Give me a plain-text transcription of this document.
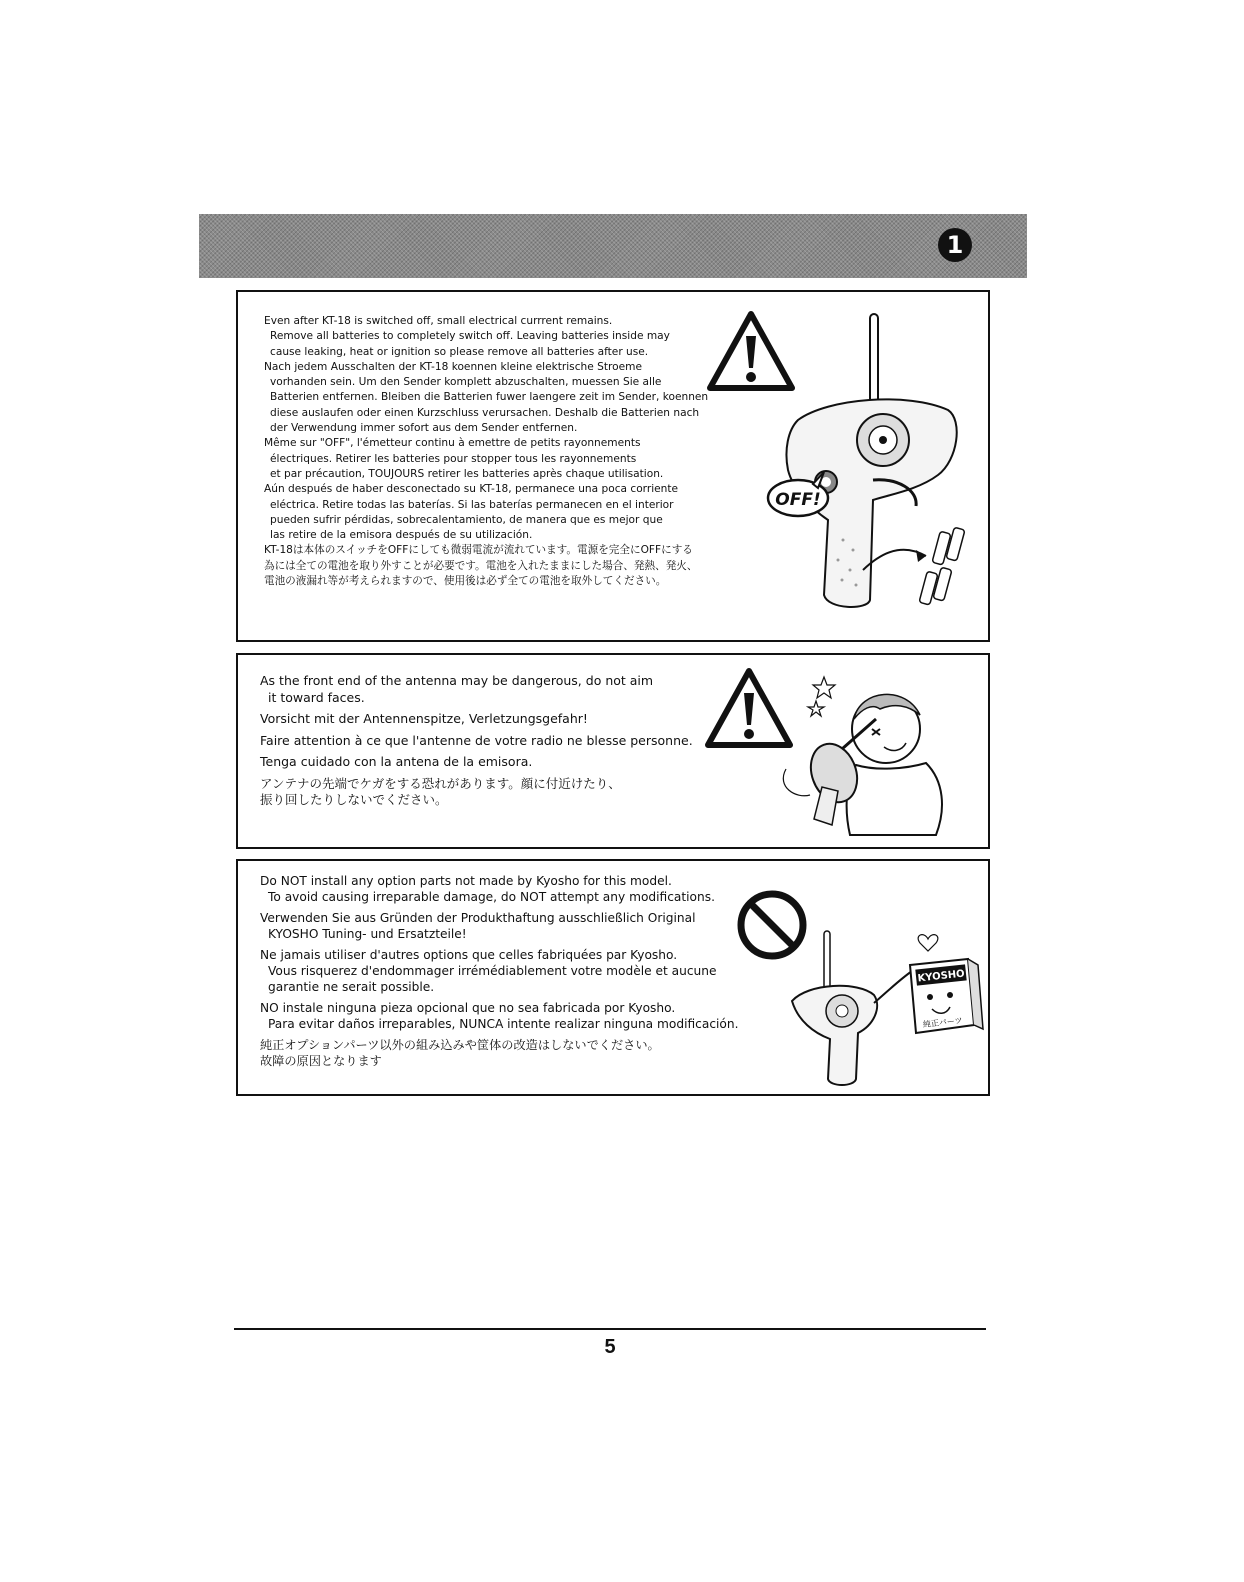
1
Even after KT-18 is switched off, small electrical currrent remains.
Remove all batteries to completely switch off. Leaving batteries inside may
cause leaking, heat or ignition so please remove all batteries after use.
Nach jedem Ausschalten der KT-18 koennen kleine elektrische Stroeme
vorhanden sein. Um den Sender komplett abzuschalten, muessen Sie alle
Batterien entfernen. Bleiben die Batterien fuwer laengere zeit im Sender, koennen
diese auslaufen oder einen Kurzschluss verursachen. Deshalb die Batterien nach
der Verwendung immer sofort aus dem Sender entfernen.
Même sur "OFF", l'émetteur continu à emettre de petits rayonnements
électriques. Retirer les batteries pour stopper tous les rayonnements
et par précaution, TOUJOURS retirer les batteries après chaque utilisation.
Aún después de haber desconectado su KT-18, permanece una poca corriente
eléctrica. Retire todas las baterías. Si las baterías permanecen en el interior
pueden sufrir pérdidas, sobrecalentamiento, de manera que es mejor que
las retire de la emisora después de su utilización.
KT-18は本体のスイッチをOFFにしても微弱電流が流れています。電源を完全にOFFにする
為には全ての電池を取り外すことが必要です。電池を入れたままにした場合、発熱、発火、
電池の液漏れ等が考えられますので、使用後は必ず全ての電池を取外してください。
OFF!

As the front end of the antenna may be dangerous, do not aim

it toward faces.

Vorsicht mit der Antennenspitze, Verletzungsgefahr!

Faire attention à ce que l'antenne de votre radio ne blesse personne.

Tenga cuidado con la antena de la emisora.

アンテナの先端でケガをする恐れがあります。顔に付近けたり、
振り回したりしないでください。

Do NOT install any option parts not made by Kyosho for this model.

To avoid causing irreparable damage, do NOT attempt any modifications.

Verwenden Sie aus Gründen der Produkthaftung ausschließlich Original

KYOSHO Tuning- und Ersatzteile!

Ne jamais utiliser d'autres options que celles fabriquées par Kyosho.

Vous risquerez d'endommager irrémédiablement votre modèle et aucune
garantie ne serait possible.

NO instale ninguna pieza opcional que no sea fabricada por Kyosho.

Para evitar daños irreparables, NUNCA intente realizar ninguna modificación.

純正オプションパーツ以外の組み込みや筐体の改造はしないでください。
故障の原因となります

KYOSHO
純正パーツ
5
